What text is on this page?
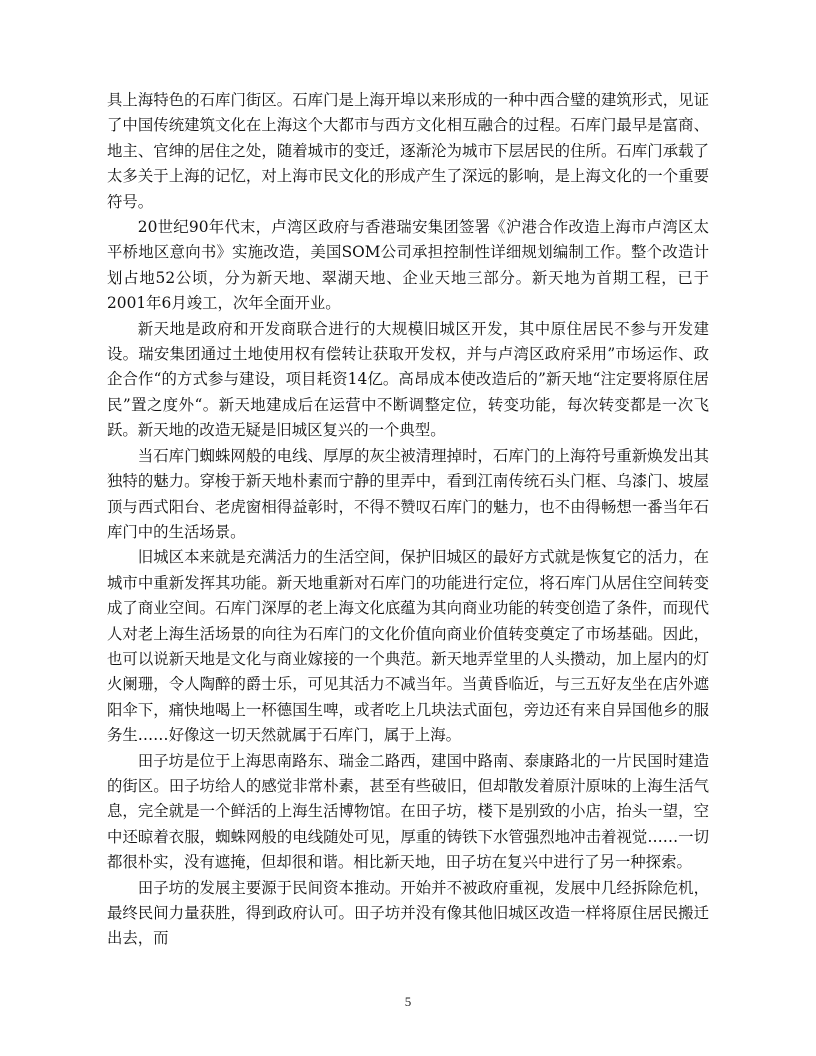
具上海特色的石库门街区。石库门是上海开埠以来形成的一种中西合璧的建筑形式，见证了中国传统建筑文化在上海这个大都市与西方文化相互融合的过程。石库门最早是富商、地主、官绅的居住之处，随着城市的变迁，逐渐沦为城市下层居民的住所。石库门承载了太多关于上海的记忆，对上海市民文化的形成产生了深远的影响，是上海文化的一个重要符号。

20世纪90年代末，卢湾区政府与香港瑞安集团签署《沪港合作改造上海市卢湾区太平桥地区意向书》实施改造，美国SOM公司承担控制性详细规划编制工作。整个改造计划占地52公顷，分为新天地、翠湖天地、企业天地三部分。新天地为首期工程，已于2001年6月竣工，次年全面开业。

新天地是政府和开发商联合进行的大规模旧城区开发，其中原住居民不参与开发建设。瑞安集团通过土地使用权有偿转让获取开发权，并与卢湾区政府采用”市场运作、政企合作“的方式参与建设，项目耗资14亿。高昂成本使改造后的”新天地“注定要将原住居民”置之度外“。新天地建成后在运营中不断调整定位，转变功能，每次转变都是一次飞跃。新天地的改造无疑是旧城区复兴的一个典型。

当石库门蜘蛛网般的电线、厚厚的灰尘被清理掉时，石库门的上海符号重新焕发出其独特的魅力。穿梭于新天地朴素而宁静的里弄中，看到江南传统石头门框、乌漆门、坡屋顶与西式阳台、老虎窗相得益彰时，不得不赞叹石库门的魅力，也不由得畅想一番当年石库门中的生活场景。

旧城区本来就是充满活力的生活空间，保护旧城区的最好方式就是恢复它的活力，在城市中重新发挥其功能。新天地重新对石库门的功能进行定位，将石库门从居住空间转变成了商业空间。石库门深厚的老上海文化底蕴为其向商业功能的转变创造了条件，而现代人对老上海生活场景的向往为石库门的文化价值向商业价值转变奠定了市场基础。因此，也可以说新天地是文化与商业嫁接的一个典范。新天地弄堂里的人头攒动，加上屋内的灯火阑珊，令人陶醉的爵士乐，可见其活力不减当年。当黄昏临近，与三五好友坐在店外遮阳伞下，痛快地喝上一杯德国生啤，或者吃上几块法式面包，旁边还有来自异国他乡的服务生……好像这一切天然就属于石库门，属于上海。

田子坊是位于上海思南路东、瑞金二路西，建国中路南、泰康路北的一片民国时建造的街区。田子坊给人的感觉非常朴素，甚至有些破旧，但却散发着原汁原味的上海生活气息，完全就是一个鲜活的上海生活博物馆。在田子坊，楼下是别致的小店，抬头一望，空中还晾着衣服，蜘蛛网般的电线随处可见，厚重的铸铁下水管强烈地冲击着视觉……一切都很朴实，没有遮掩，但却很和谐。相比新天地，田子坊在复兴中进行了另一种探索。

田子坊的发展主要源于民间资本推动。开始并不被政府重视，发展中几经拆除危机，最终民间力量获胜，得到政府认可。田子坊并没有像其他旧城区改造一样将原住居民搬迁出去，而

5
